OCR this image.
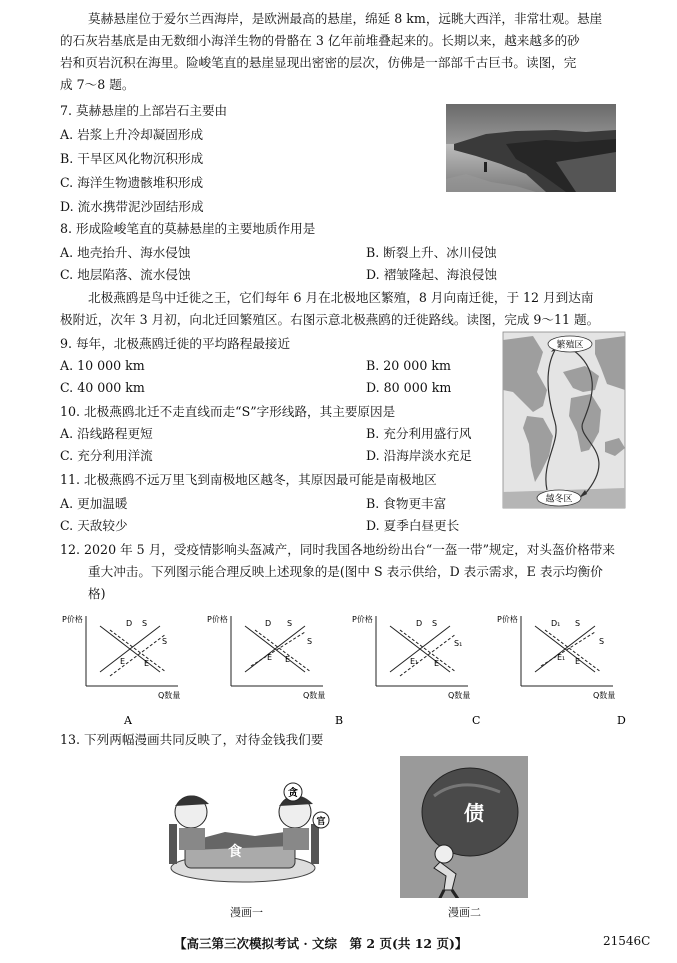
莫赫悬崖位于爱尔兰西海岸，是欧洲最高的悬崖，绵延 8 km，远眺大西洋，非常壮观。悬崖
的石灰岩基底是由无数细小海洋生物的骨骼在 3 亿年前堆叠起来的。长期以来，越来越多的砂
岩和页岩沉积在海里。险峻笔直的悬崖显现出密密的层次，仿佛是一部部千古巨书。读图，完
成 7～8 题。
7. 莫赫悬崖的上部岩石主要由
A. 岩浆上升冷却凝固形成
B. 干旱区风化物沉积形成
C. 海洋生物遗骸堆积形成
D. 流水携带泥沙固结形成
8. 形成险峻笔直的莫赫悬崖的主要地质作用是
A. 地壳抬升、海水侵蚀	B. 断裂上升、冰川侵蚀
C. 地层陷落、流水侵蚀	D. 褶皱隆起、海浪侵蚀
北极燕鸥是鸟中迁徙之王，它们每年 6 月在北极地区繁殖，8 月向南迁徙，于 12 月到达南
极附近，次年 3 月初，向北迁回繁殖区。右图示意北极燕鸥的迁徙路线。读图，完成 9～11 题。
9. 每年，北极燕鸥迁徙的平均路程最接近
A. 10 000 km	B. 20 000 km
C. 40 000 km	D. 80 000 km
10. 北极燕鸥北迁不走直线而走“S”字形线路，其主要原因是
A. 沿线路程更短	B. 充分利用盛行风
C. 充分利用洋流	D. 沿海岸淡水充足
11. 北极燕鸥不远万里飞到南极地区越冬，其原因最可能是南极地区
A. 更加温暖	B. 食物更丰富
C. 天敌较少	D. 夏季白昼更长
繁殖区
越冬区
12. 2020 年 5 月，受疫情影响头盔减产，同时我国各地纷纷出台“一盔一带”规定，对头盔价格带来
重大冲击。下列图示能合理反映上述现象的是(图中 S 表示供给，D 表示需求，E 表示均衡价
格)
P价格
Q数量
D S
S
E E
A
P价格
Q数量
D S
S
E E
B
P价格
Q数量
D S
S₁
E₁ E
C
P价格
Q数量
D₁ S
S
E₁ E
D
13. 下列两幅漫画共同反映了，对待金钱我们要
贪
官
食
漫画一
债
漫画二
【高三第三次模拟考试 · 文综　第 2 页(共 12 页)】	21546C
